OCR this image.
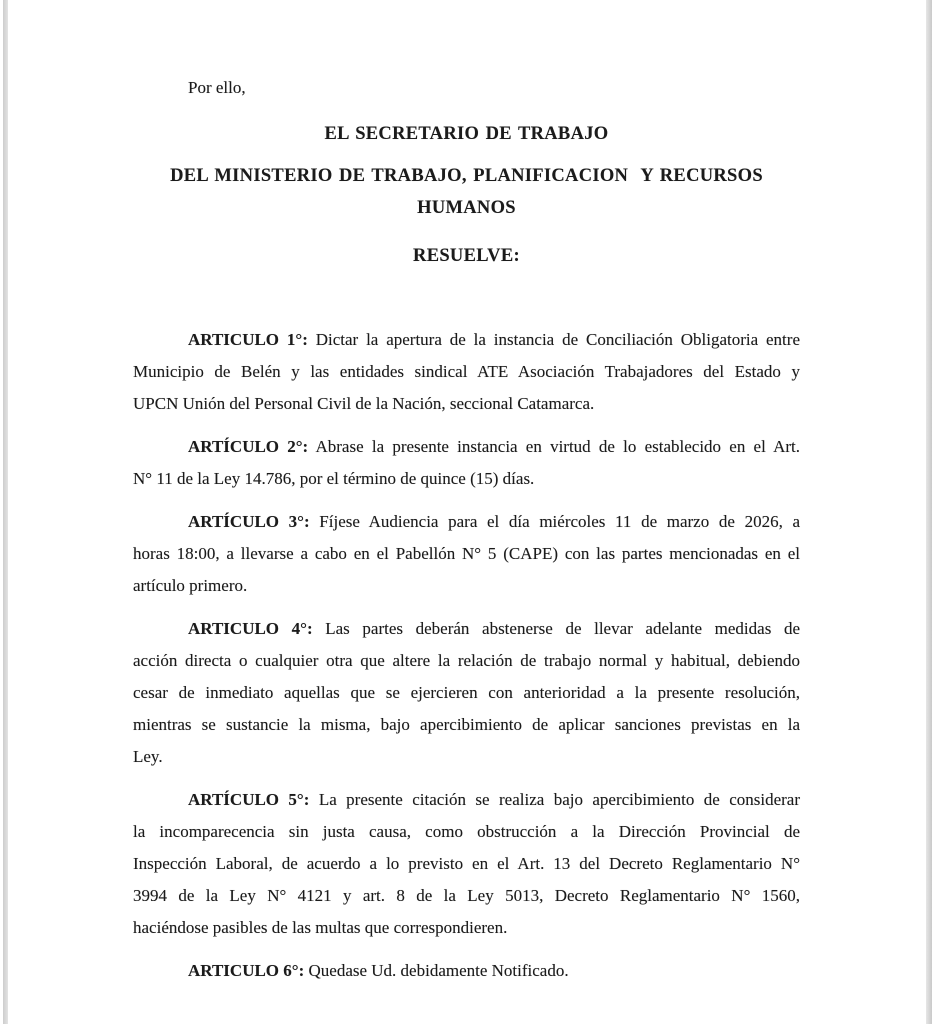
Por ello,
EL SECRETARIO DE TRABAJO
DEL MINISTERIO DE TRABAJO, PLANIFICACION  Y RECURSOS HUMANOS
RESUELVE:
ARTICULO 1°: Dictar la apertura de la instancia de Conciliación Obligatoria entre
Municipio de Belén y las entidades sindical ATE Asociación Trabajadores del Estado y
UPCN Unión del Personal Civil de la Nación, seccional Catamarca.
ARTÍCULO 2°: Abrase la presente instancia en virtud de lo establecido en el Art.
N° 11 de la Ley 14.786, por el término de quince (15) días.
ARTÍCULO 3°: Fíjese Audiencia para el día miércoles 11 de marzo de 2026, a
horas 18:00, a llevarse a cabo en el Pabellón N° 5 (CAPE) con las partes mencionadas en el
artículo primero.
ARTICULO 4°: Las partes deberán abstenerse de llevar adelante medidas de
acción directa o cualquier otra que altere la relación de trabajo normal y habitual, debiendo
cesar de inmediato aquellas que se ejercieren con anterioridad a la presente resolución,
mientras se sustancie la misma, bajo apercibimiento de aplicar sanciones previstas en la
Ley.
ARTÍCULO 5°: La presente citación se realiza bajo apercibimiento de considerar
la incomparecencia sin justa causa, como obstrucción a la Dirección Provincial de
Inspección Laboral, de acuerdo a lo previsto en el Art. 13 del Decreto Reglamentario N°
3994 de la Ley N° 4121 y art. 8 de la Ley 5013, Decreto Reglamentario N° 1560,
haciéndose pasibles de las multas que correspondieren.
ARTICULO 6°: Quedase Ud. debidamente Notificado.
